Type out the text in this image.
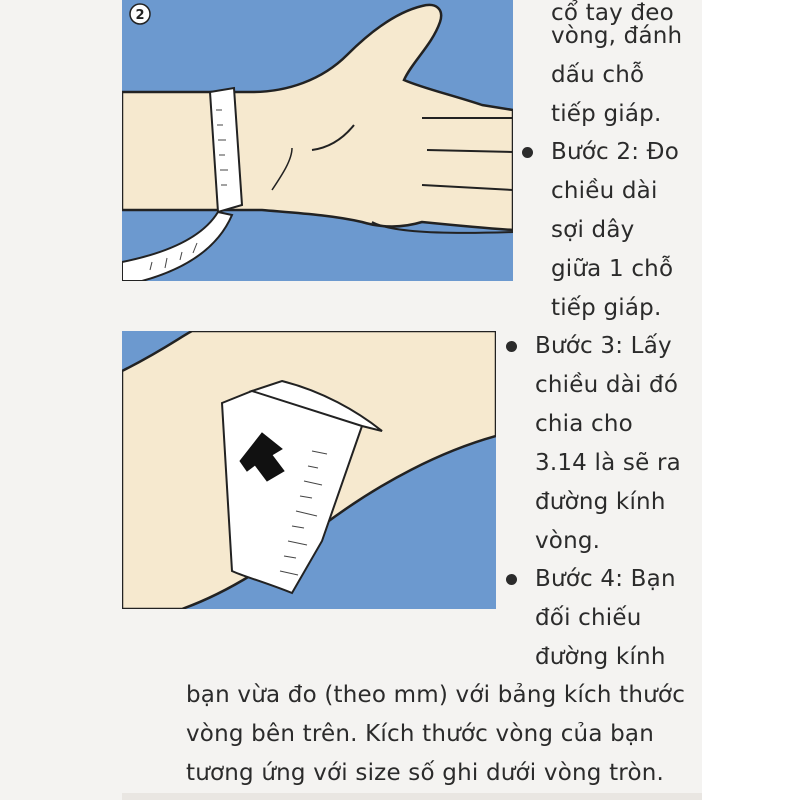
2	cổ tay đeo
vòng, đánh
dấu chỗ
tiếp giáp.
Bước 2: Đo
chiều dài
sợi dây
giữa 1 chỗ
tiếp giáp.
Bước 3: Lấy
chiều dài đó
chia cho
3.14 là sẽ ra
đường kính
vòng.
Bước 4: Bạn
đối chiếu
đường kính
bạn vừa đo (theo mm) với bảng kích thước
vòng bên trên. Kích thước vòng của bạn
tương ứng với size số ghi dưới vòng tròn.
